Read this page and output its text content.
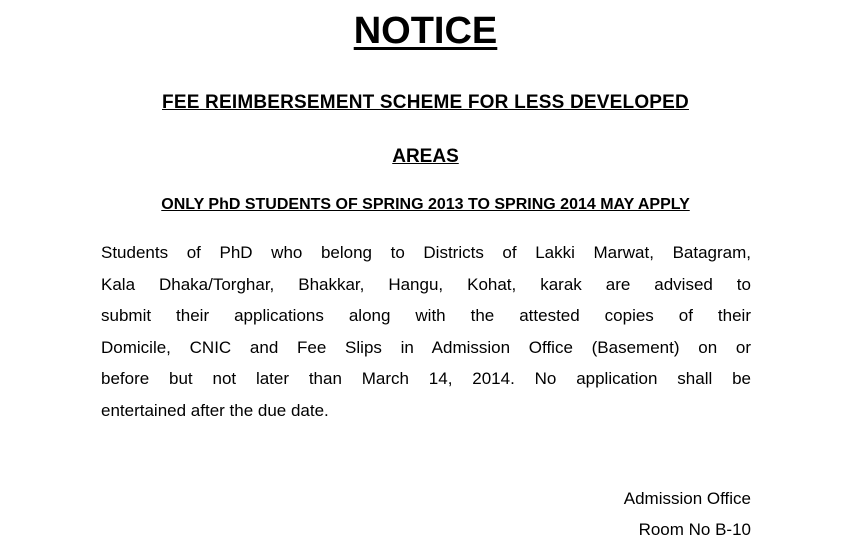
NOTICE
FEE REIMBERSEMENT SCHEME FOR LESS DEVELOPED
AREAS
ONLY PhD STUDENTS OF SPRING 2013 TO SPRING 2014 MAY APPLY
Students of PhD who belong to Districts of Lakki Marwat, Batagram,
Kala Dhaka/Torghar, Bhakkar, Hangu, Kohat, karak are advised to
submit their applications along with the attested copies of their
Domicile, CNIC and Fee Slips in Admission Office (Basement) on or
before but not later than March 14, 2014. No application shall be
entertained after the due date.
Admission Office
Room No B-10
